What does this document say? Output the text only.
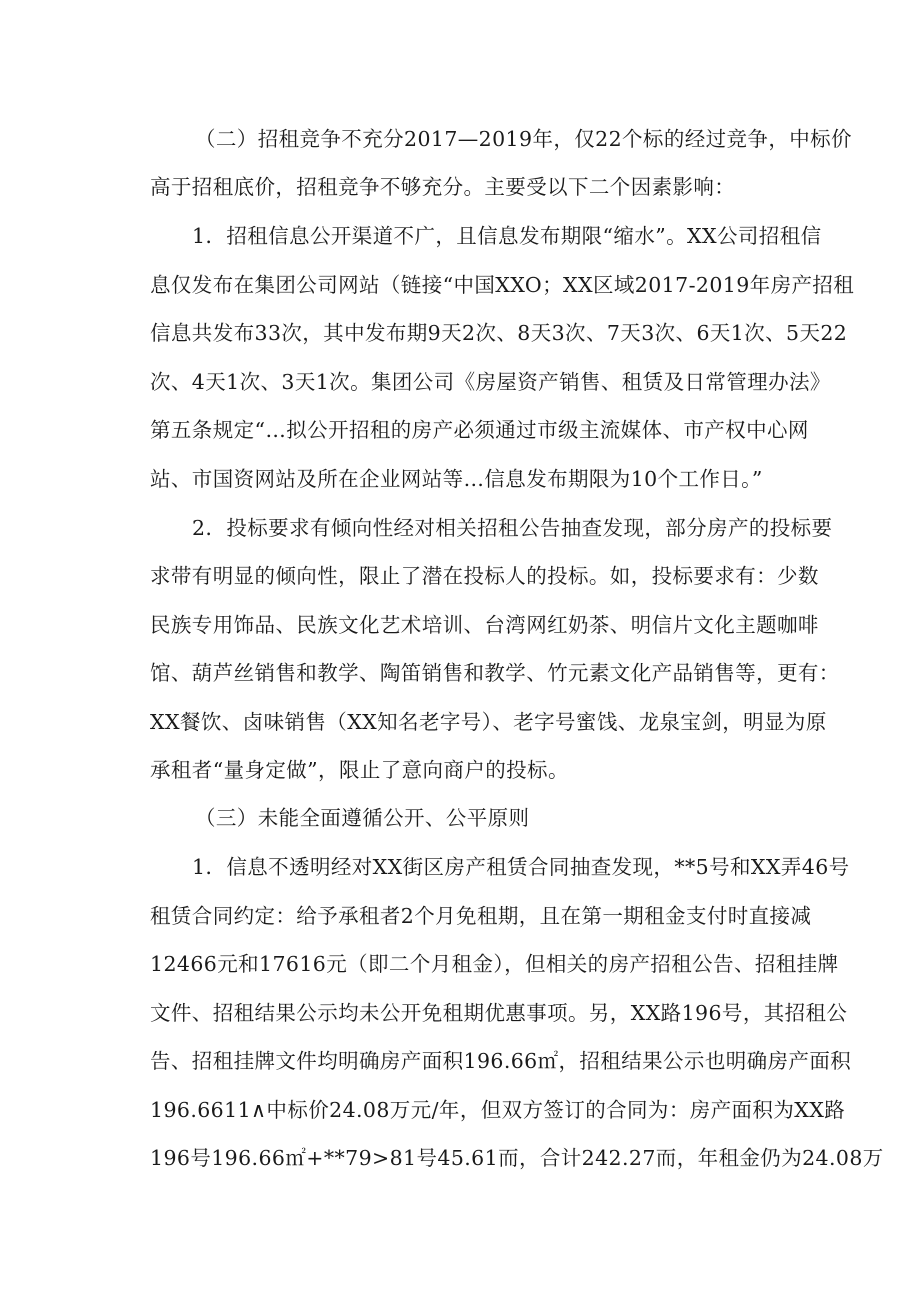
（二）招租竞争不充分2017—2019年，仅22个标的经过竞争，中标价
高于招租底价，招租竞争不够充分。主要受以下二个因素影响：
1．招租信息公开渠道不广，且信息发布期限“缩水”。XX公司招租信
息仅发布在集团公司网站（链接“中国XXO；XX区域2017-2019年房产招租
信息共发布33次，其中发布期9天2次、8天3次、7天3次、6天1次、5天22
次、4天1次、3天1次。集团公司《房屋资产销售、租赁及日常管理办法》
第五条规定“…拟公开招租的房产必须通过市级主流媒体、市产权中心网
站、市国资网站及所在企业网站等…信息发布期限为10个工作日。”
2．投标要求有倾向性经对相关招租公告抽查发现，部分房产的投标要
求带有明显的倾向性，限止了潜在投标人的投标。如，投标要求有：少数
民族专用饰品、民族文化艺术培训、台湾网红奶茶、明信片文化主题咖啡
馆、葫芦丝销售和教学、陶笛销售和教学、竹元素文化产品销售等，更有：
XX餐饮、卤味销售（XX知名老字号）、老字号蜜饯、龙泉宝剑，明显为原
承租者“量身定做”，限止了意向商户的投标。
（三）未能全面遵循公开、公平原则
1．信息不透明经对XX街区房产租赁合同抽查发现，**5号和XX弄46号
租赁合同约定：给予承租者2个月免租期，且在第一期租金支付时直接减
12466元和17616元（即二个月租金），但相关的房产招租公告、招租挂牌
文件、招租结果公示均未公开免租期优惠事项。另，XX路196号，其招租公
告、招租挂牌文件均明确房产面积196.66㎡，招租结果公示也明确房产面积
196.6611∧中标价24.08万元/年，但双方签订的合同为：房产面积为XX路
196号196.66㎡+**79>81号45.61而，合计242.27而，年租金仍为24.08万
